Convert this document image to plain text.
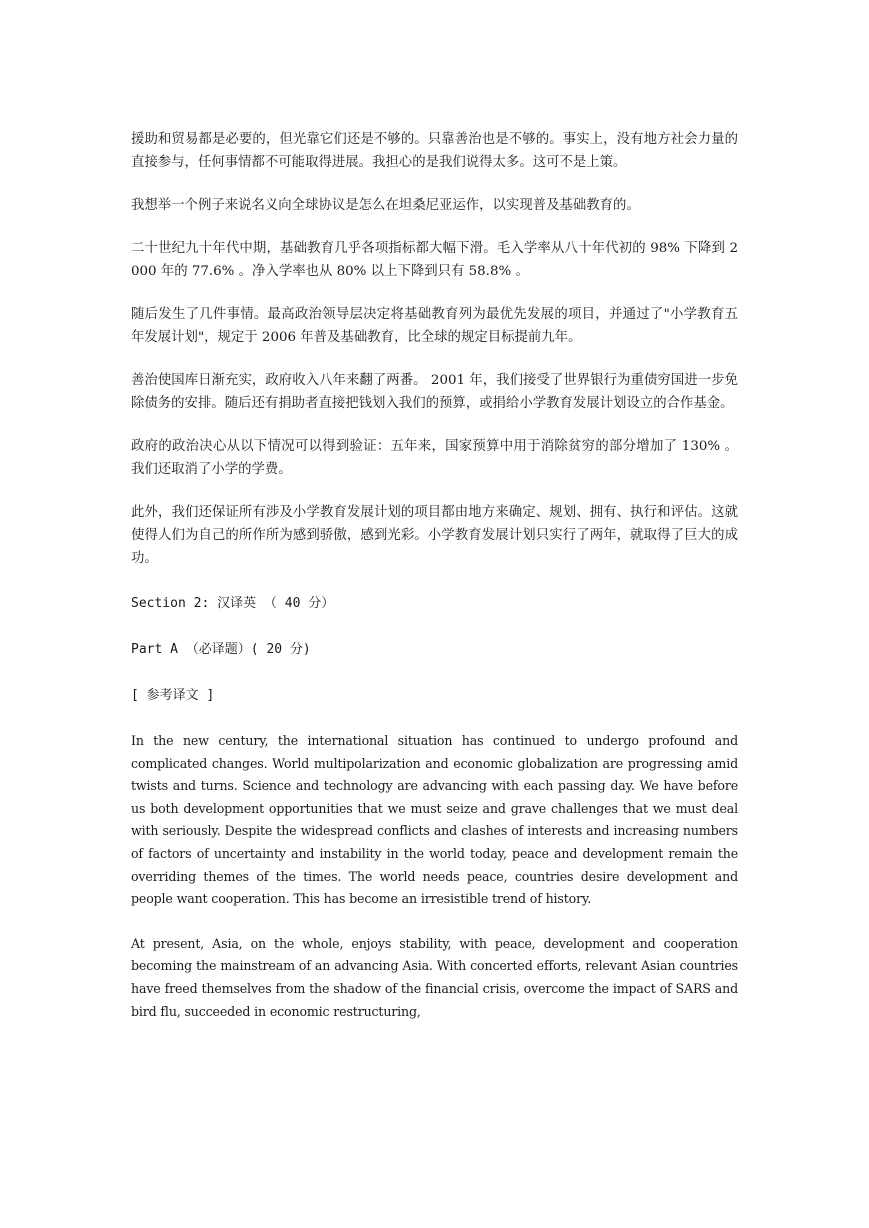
援助和贸易都是必要的，但光靠它们还是不够的。只靠善治也是不够的。事实上，没有地方社会力量的直接参与，任何事情都不可能取得进展。我担心的是我们说得太多。这可不是上策。

我想举一个例子来说名义向全球协议是怎么在坦桑尼亚运作，以实现普及基础教育的。

二十世纪九十年代中期，基础教育几乎各项指标都大幅下滑。毛入学率从八十年代初的 98% 下降到 2000 年的 77.6% 。净入学率也从 80% 以上下降到只有 58.8% 。

随后发生了几件事情。最高政治领导层决定将基础教育列为最优先发展的项目，并通过了"小学教育五年发展计划"，规定于 2006 年普及基础教育，比全球的规定目标提前九年。

善治使国库日渐充实，政府收入八年来翻了两番。 2001 年，我们接受了世界银行为重债穷国进一步免除债务的安排。随后还有捐助者直接把钱划入我们的预算，或捐给小学教育发展计划设立的合作基金。

政府的政治决心从以下情况可以得到验证：五年来，国家预算中用于消除贫穷的部分增加了 130% 。我们还取消了小学的学费。

此外，我们还保证所有涉及小学教育发展计划的项目都由地方来确定、规划、拥有、执行和评估。这就使得人们为自己的所作所为感到骄傲，感到光彩。小学教育发展计划只实行了两年，就取得了巨大的成功。

Section 2: 汉译英 （ 40 分）
Part A （必译题）( 20 分)
[ 参考译文 ]

In the new century, the international situation has continued to undergo profound and complicated changes. World multipolarization and economic globalization are progressing amid twists and turns. Science and technology are advancing with each passing day. We have before us both development opportunities that we must seize and grave challenges that we must deal with seriously. Despite the widespread conflicts and clashes of interests and increasing numbers of factors of uncertainty and instability in the world today, peace and development remain the overriding themes of the times. The world needs peace, countries desire development and people want cooperation. This has become an irresistible trend of history.

At present, Asia, on the whole, enjoys stability, with peace, development and cooperation becoming the mainstream of an advancing Asia. With concerted efforts, relevant Asian countries have freed themselves from the shadow of the financial crisis, overcome the impact of SARS and bird flu, succeeded in economic restructuring,
